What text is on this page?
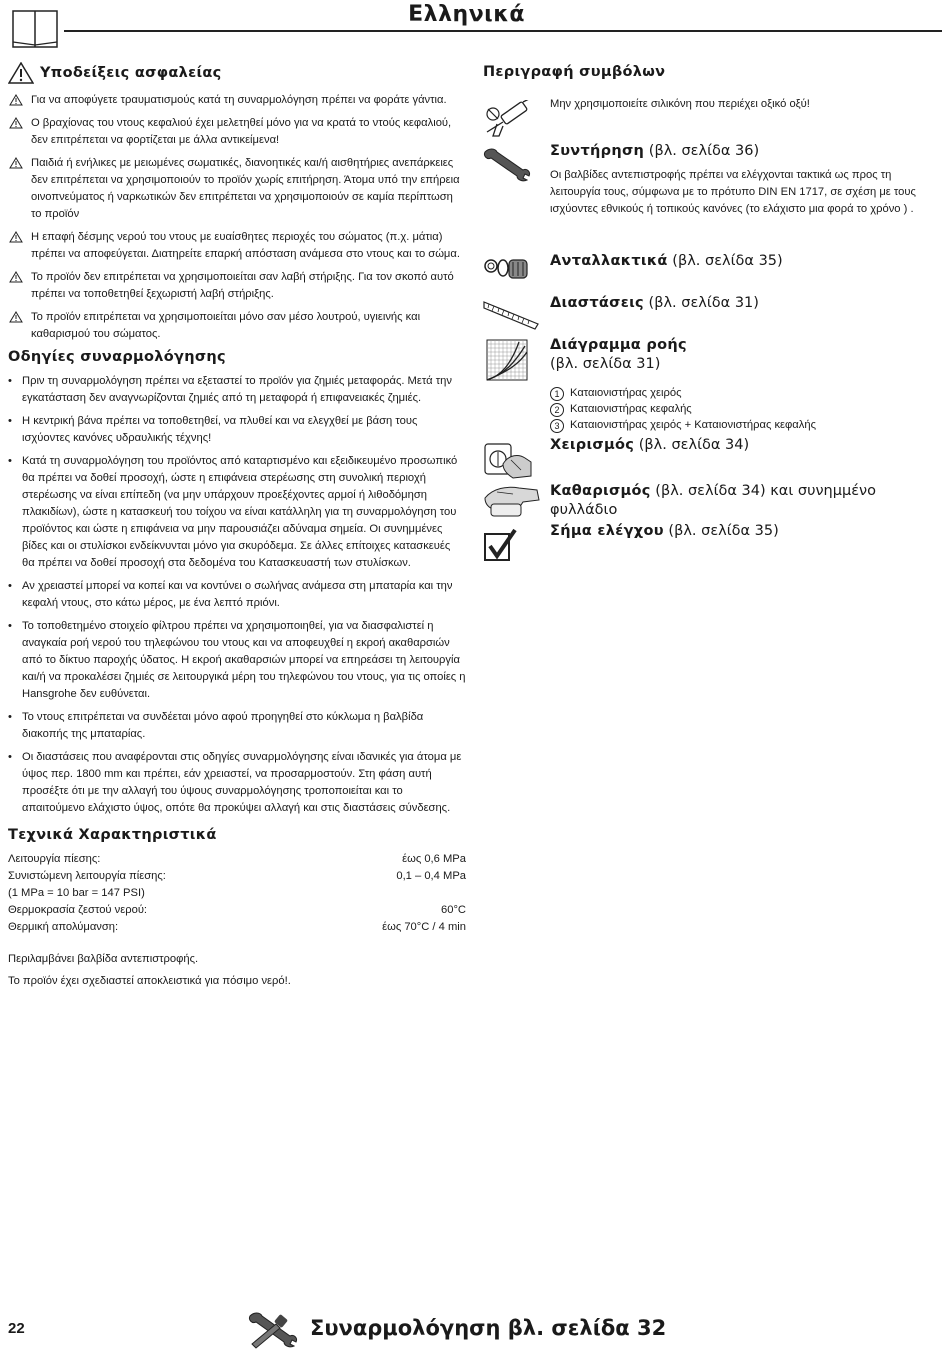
Ελληνικά
Υποδείξεις ασφαλείας
Για να αποφύγετε τραυματισμούς κατά τη συναρμολόγηση πρέπει να φοράτε γάντια.
Ο βραχίονας του ντους κεφαλιού έχει μελετηθεί μόνο για να κρατά το ντούς κεφαλιού, δεν επιτρέπεται να φορτίζεται με άλλα αντικείμενα!
Παιδιά ή ενήλικες με μειωμένες σωματικές, διανοητικές και/ή αισθητήριες ανεπάρκειες δεν επιτρέπεται να χρησιμοποιούν το προϊόν χωρίς επιτήρηση. Άτομα υπό την επήρεια οινοπνεύματος ή ναρκωτικών δεν επιτρέπεται να χρησιμοποιούν σε καμία περίπτωση το προϊόν
Η επαφή δέσμης νερού του ντους με ευαίσθητες περιοχές του σώματος (π.χ. μάτια) πρέπει να αποφεύγεται. Διατηρείτε επαρκή απόσταση ανάμεσα στο ντους και το σώμα.
Το προϊόν δεν επιτρέπεται να χρησιμοποιείται σαν λαβή στήριξης. Για τον σκοπό αυτό πρέπει να τοποθετηθεί ξεχωριστή λαβή στήριξης.
Το προϊόν επιτρέπεται να χρησιμοποιείται μόνο σαν μέσο λουτρού, υγιεινής και καθαρισμού του σώματος.
Οδηγίες συναρμολόγησης
• Πριν τη συναρμολόγηση πρέπει να εξεταστεί το προϊόν για ζημιές μεταφοράς. Μετά την εγκατάσταση δεν αναγνωρίζονται ζημιές από τη μεταφορά ή επιφανειακές ζημιές.
• Η κεντρική βάνα πρέπει να τοποθετηθεί, να πλυθεί και να ελεγχθεί με βάση τους ισχύοντες κανόνες υδραυλικής τέχνης!
• Κατά τη συναρμολόγηση του προϊόντος από καταρτισμένο και εξειδικευμένο προσωπικό θα πρέπει να δοθεί προσοχή, ώστε η επιφάνεια στερέωσης στη συνολική περιοχή στερέωσης να είναι επίπεδη (να μην υπάρχουν προεξέχοντες αρμοί ή λιθοδόμηση πλακιδίων), ώστε η κατασκευή του τοίχου να είναι κατάλληλη για τη συναρμολόγηση του προϊόντος και ώστε η επιφάνεια να μην παρουσιάζει αδύναμα σημεία. Οι συνημμένες βίδες και οι στυλίσκοι ενδείκνυνται μόνο για σκυρόδεμα. Σε άλλες επίτοιχες κατασκευές θα πρέπει να δοθεί προσοχή στα δεδομένα του Κατασκευαστή των στυλίσκων.
• Αν χρειαστεί μπορεί να κοπεί και να κοντύνει ο σωλήνας ανάμεσα στη μπαταρία και την κεφαλή ντους, στο κάτω μέρος, με ένα λεπτό πριόνι.
• Το τοποθετημένο στοιχείο φίλτρου πρέπει να χρησιμοποιηθεί, για να διασφαλιστεί η αναγκαία ροή νερού του τηλεφώνου του ντους και να αποφευχθεί η εκροή ακαθαρσιών από το δίκτυο παροχής ύδατος. Η εκροή ακαθαρσιών μπορεί να επηρεάσει τη λειτουργία και/ή να προκαλέσει ζημιές σε λειτουργικά μέρη του τηλεφώνου του ντους, για τις οποίες η Hansgrohe δεν ευθύνεται.
• Το ντους επιτρέπεται να συνδέεται μόνο αφού προηγηθεί στο κύκλωμα η βαλβίδα διακοπής της μπαταρίας.
• Οι διαστάσεις που αναφέρονται στις οδηγίες συναρμολόγησης είναι ιδανικές για άτομα με ύψος περ. 1800 mm και πρέπει, εάν χρειαστεί, να προσαρμοστούν. Στη φάση αυτή προσέξτε ότι με την αλλαγή του ύψους συναρμολόγησης τροποποιείται και το απαιτούμενο ελάχιστο ύψος, οπότε θα προκύψει αλλαγή και στις διαστάσεις σύνδεσης.
Τεχνικά Χαρακτηριστικά
Λειτουργία πίεσης:	έως 0,6 MPa
Συνιστώμενη λειτουργία πίεσης:	0,1 – 0,4 MPa
(1 MPa = 10 bar = 147 PSI)
Θερμοκρασία ζεστού νερού:	60°C
Θερμική απολύμανση:	έως 70°C / 4 min

Περιλαμβάνει βαλβίδα αντεπιστροφής.

Το προϊόν έχει σχεδιαστεί αποκλειστικά για πόσιμο νερό!.

Περιγραφή συμβόλων
Μην χρησιμοποιείτε σιλικόνη που περιέχει οξικό οξύ!
Συντήρηση (βλ. σελίδα 36)
Οι βαλβίδες αντεπιστροφής πρέπει να ελέγχονται τακτικά ως προς τη λειτουργία τους, σύμφωνα με το πρότυπο DIN EN 1717, σε σχέση με τους ισχύοντες εθνικούς ή τοπικούς κανόνες (το ελάχιστο μια φορά το χρόνο ) .
Ανταλλακτικά (βλ. σελίδα 35)
Διαστάσεις (βλ. σελίδα 31)
Διάγραμμα ροής
(βλ. σελίδα 31)
1 Καταιονιστήρας χειρός
2 Καταιονιστήρας κεφαλής
3 Καταιονιστήρας χειρός + Καταιονιστήρας κεφαλής
Χειρισμός (βλ. σελίδα 34)
Καθαρισμός (βλ. σελίδα 34) και συνημμένο φυλλάδιο
Σήμα ελέγχου (βλ. σελίδα 35)
22	Συναρμολόγηση βλ. σελίδα 32
